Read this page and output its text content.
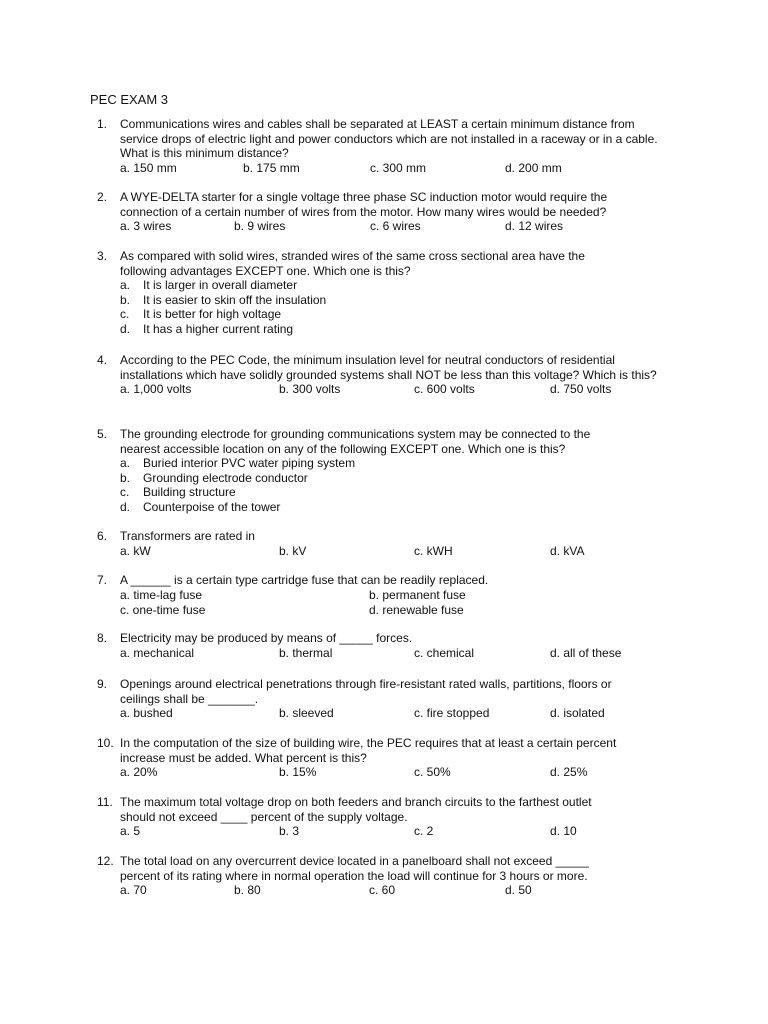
PEC EXAM 3
1. Communications wires and cables shall be separated at LEAST a certain minimum distance from service drops of electric light and power conductors which are not installed in a raceway or in a cable. What is this minimum distance?
a. 150 mm	b. 175 mm	c. 300 mm	d. 200 mm
2. A WYE-DELTA starter for a single voltage three phase SC induction motor would require the connection of a certain number of wires from the motor. How many wires would be needed?
a. 3 wires	b. 9 wires	c. 6 wires	d. 12 wires
3. As compared with solid wires, stranded wires of the same cross sectional area have the following advantages EXCEPT one. Which one is this?
a. It is larger in overall diameter
b. It is easier to skin off the insulation
c. It is better for high voltage
d. It has a higher current rating
4. According to the PEC Code, the minimum insulation level for neutral conductors of residential installations which have solidly grounded systems shall NOT be less than this voltage? Which is this?
a. 1,000 volts	b. 300 volts	c. 600 volts	d. 750 volts
5. The grounding electrode for grounding communications system may be connected to the nearest accessible location on any of the following EXCEPT one. Which one is this?
a. Buried interior PVC water piping system
b. Grounding electrode conductor
c. Building structure
d. Counterpoise of the tower
6. Transformers are rated in
a. kW	b. kV	c. kWH	d. kVA
7. A ______ is a certain type cartridge fuse that can be readily replaced.
a. time-lag fuse	b. permanent fuse
c. one-time fuse	d. renewable fuse
8. Electricity may be produced by means of _____ forces.
a. mechanical	b. thermal	c. chemical	d. all of these
9. Openings around electrical penetrations through fire-resistant rated walls, partitions, floors or ceilings shall be _______.
a. bushed	b. sleeved	c. fire stopped	d. isolated
10. In the computation of the size of building wire, the PEC requires that at least a certain percent increase must be added. What percent is this?
a. 20%	b. 15%	c. 50%	d. 25%
11. The maximum total voltage drop on both feeders and branch circuits to the farthest outlet should not exceed ____ percent of the supply voltage.
a. 5	b. 3	c. 2	d. 10
12. The total load on any overcurrent device located in a panelboard shall not exceed _____ percent of its rating where in normal operation the load will continue for 3 hours or more.
a. 70	b. 80	c. 60	d. 50
